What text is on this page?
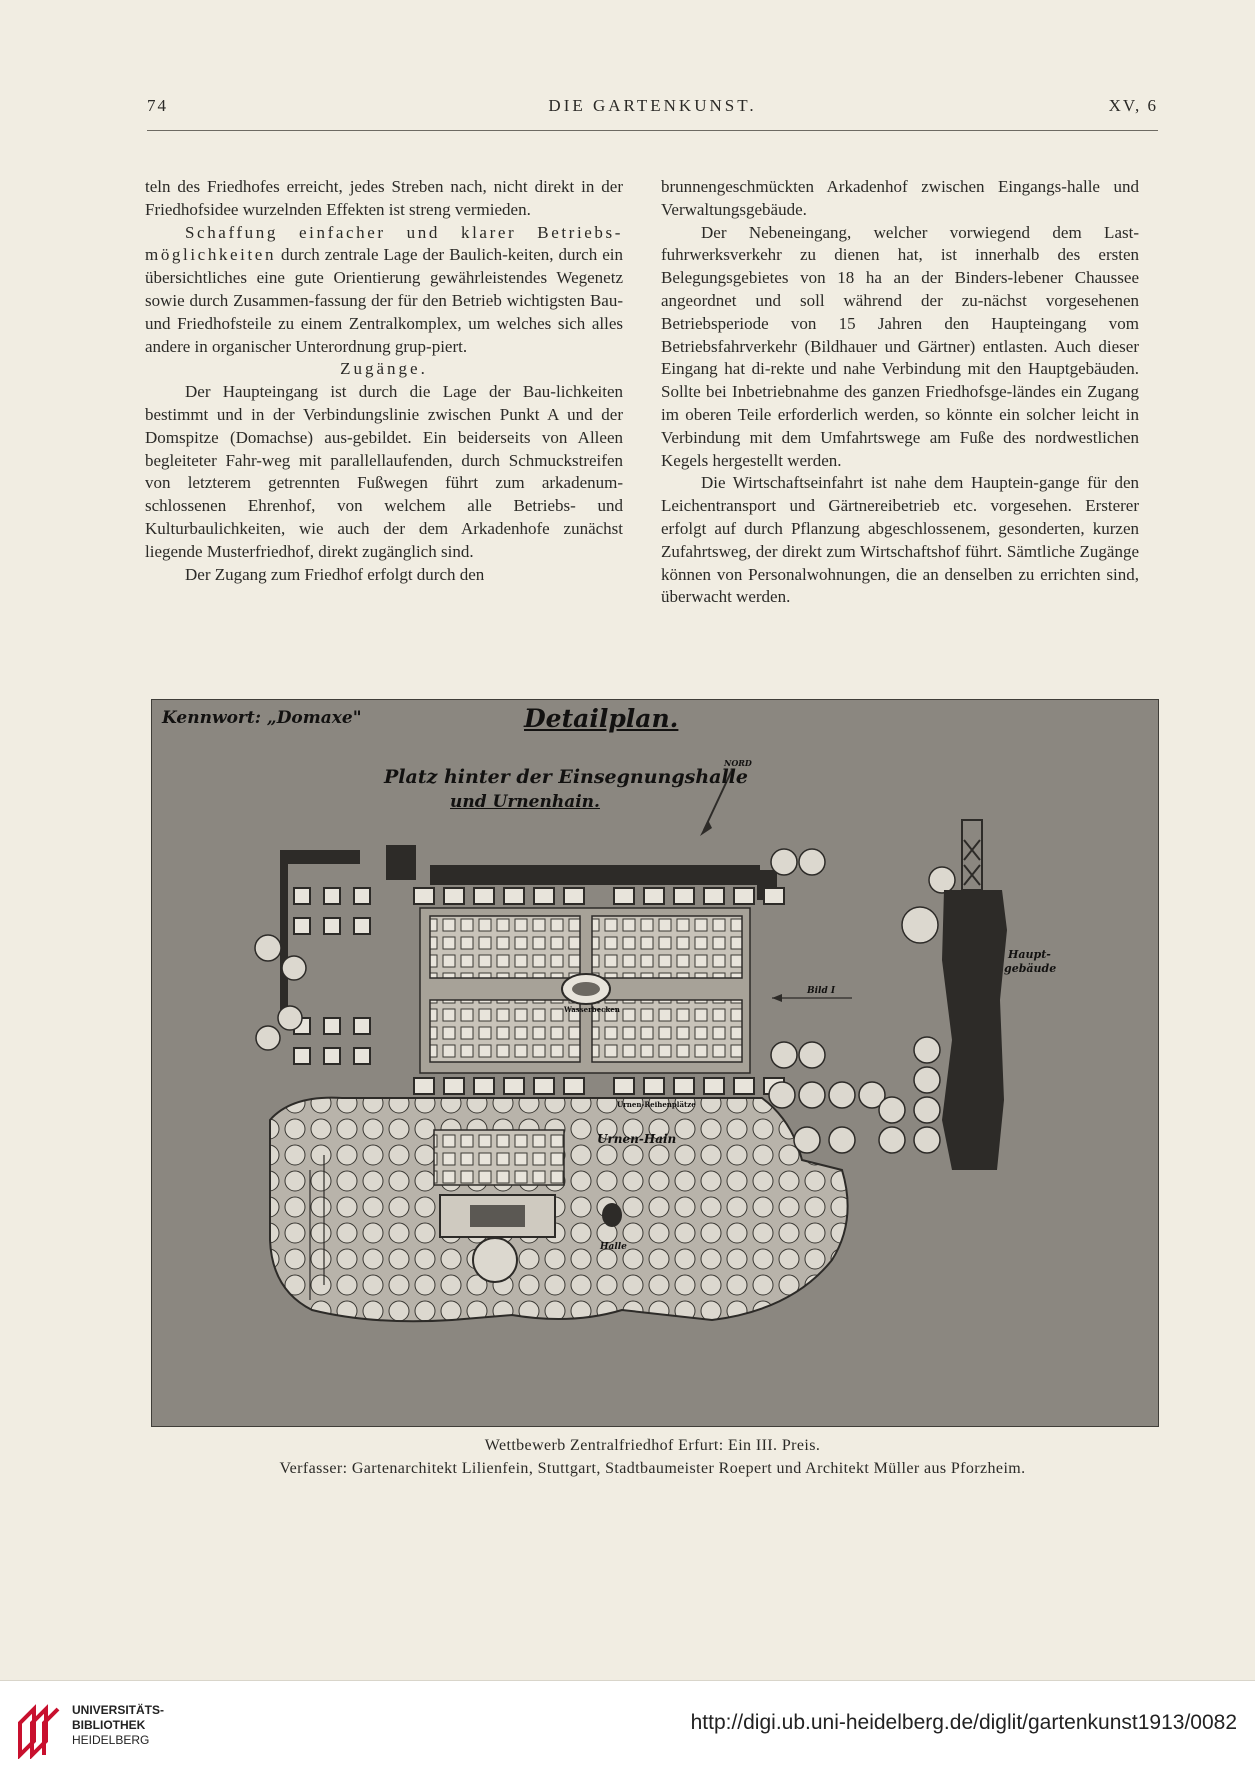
74	DIE GARTENKUNST.	XV, 6

teln des Friedhofes erreicht, jedes Streben nach, nicht direkt in der Friedhofsidee wurzelnden Effekten ist streng vermieden.

Schaffung einfacher und klarer Betriebs-möglichkeiten durch zentrale Lage der Baulich-keiten, durch ein übersichtliches eine gute Orientierung gewährleistendes Wegenetz sowie durch Zusammen-fassung der für den Betrieb wichtigsten Bau- und Friedhofsteile zu einem Zentralkomplex, um welches sich alles andere in organischer Unterordnung grup-piert.

Zugänge.

Der Haupteingang ist durch die Lage der Bau-lichkeiten bestimmt und in der Verbindungslinie zwischen Punkt A und der Domspitze (Domachse) aus-gebildet. Ein beiderseits von Alleen begleiteter Fahr-weg mit parallellaufenden, durch Schmuckstreifen von letzterem getrennten Fußwegen führt zum arkadenum-schlossenen Ehrenhof, von welchem alle Betriebs- und Kulturbaulichkeiten, wie auch der dem Arkadenhofe zunächst liegende Musterfriedhof, direkt zugänglich sind.

Der Zugang zum Friedhof erfolgt durch den

brunnengeschmückten Arkadenhof zwischen Eingangs-halle und Verwaltungsgebäude.

Der Nebeneingang, welcher vorwiegend dem Last-fuhrwerksverkehr zu dienen hat, ist innerhalb des ersten Belegungsgebietes von 18 ha an der Binders-lebener Chaussee angeordnet und soll während der zu-nächst vorgesehenen Betriebsperiode von 15 Jahren den Haupteingang vom Betriebsfahrverkehr (Bildhauer und Gärtner) entlasten. Auch dieser Eingang hat di-rekte und nahe Verbindung mit den Hauptgebäuden. Sollte bei Inbetriebnahme des ganzen Friedhofsge-ländes ein Zugang im oberen Teile erforderlich werden, so könnte ein solcher leicht in Verbindung mit dem Umfahrtswege am Fuße des nordwestlichen Kegels hergestellt werden.

Die Wirtschaftseinfahrt ist nahe dem Hauptein-gange für den Leichentransport und Gärtnereibetrieb etc. vorgesehen. Ersterer erfolgt auf durch Pflanzung abgeschlossenem, gesonderten, kurzen Zufahrtsweg, der direkt zum Wirtschaftshof führt. Sämtliche Zugänge können von Personalwohnungen, die an denselben zu errichten sind, überwacht werden.

Kennwort: „Domaxe"	Detailplan.
Platz hinter der Einsegnungshalle
und Urnenhain.
NORD
Haupt-
gebäude
Bild I
Wasserbecken
Urnen-Reihenplätze
Urnen-Hain
Halle
Wettbewerb Zentralfriedhof Erfurt: Ein III. Preis.
Verfasser: Gartenarchitekt Lilienfein, Stuttgart, Stadtbaumeister Roepert und Architekt Müller aus Pforzheim.
UNIVERSITÄTS-
BIBLIOTHEK
HEIDELBERG
http://digi.ub.uni-heidelberg.de/diglit/gartenkunst1913/0082
